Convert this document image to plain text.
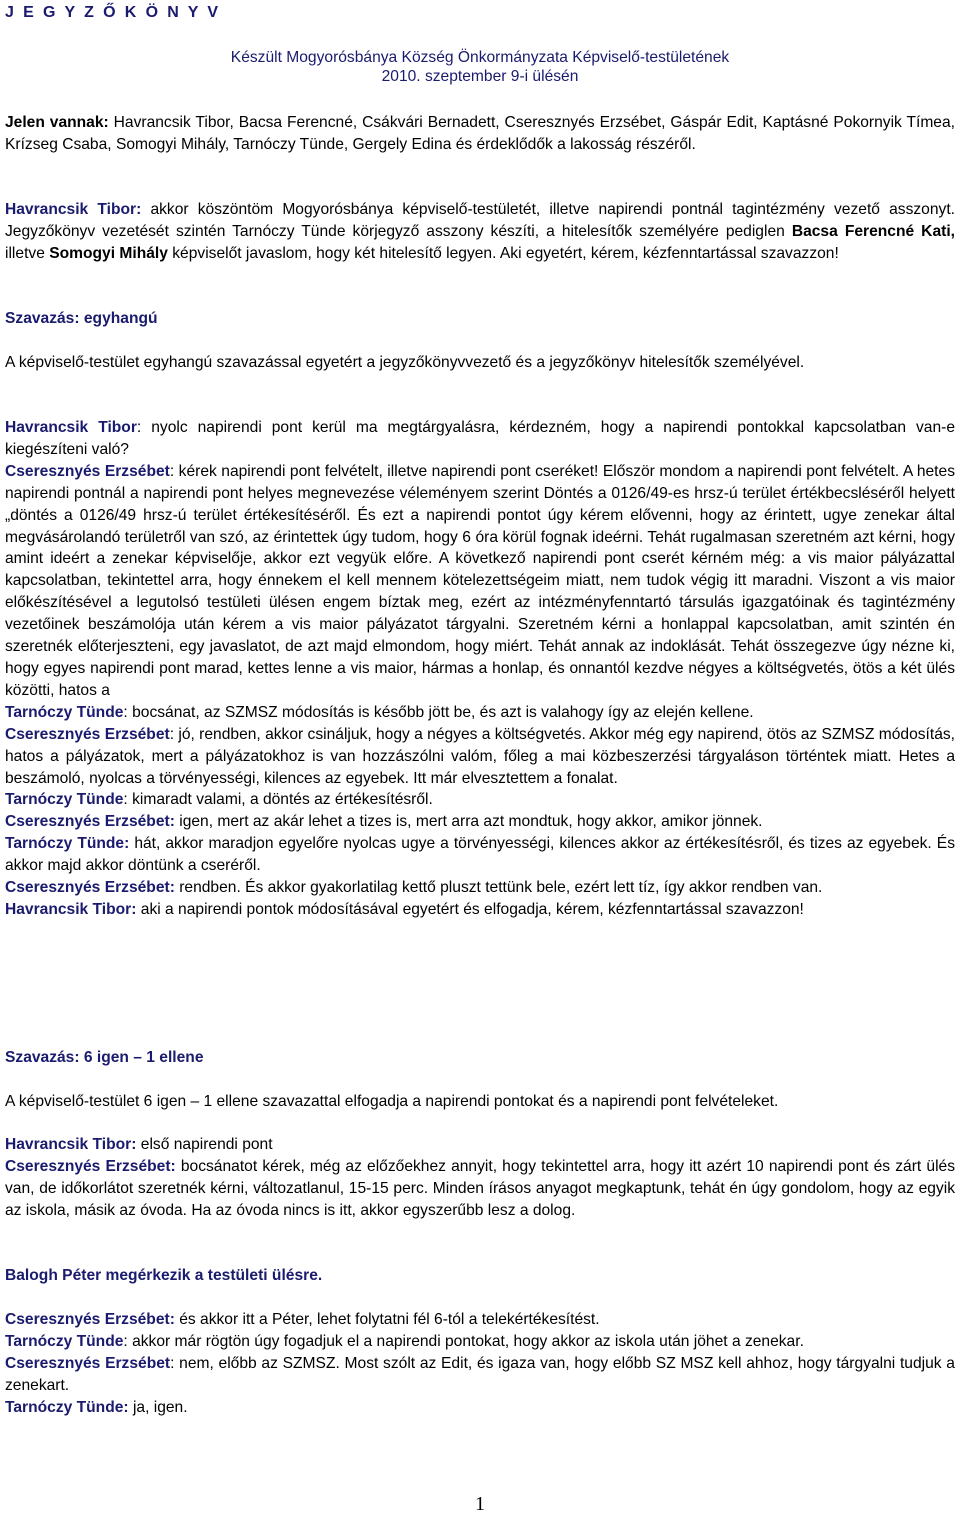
J E G Y Z Ő K Ö N Y V
Készült Mogyorósbánya Község Önkormányzata Képviselő-testületének
2010. szeptember 9-i ülésén

Jelen vannak: Havrancsik Tibor, Bacsa Ferencné, Csákvári Bernadett, Cseresznyés Erzsébet, Gáspár Edit, Kaptásné Pokornyik Tímea, Krízseg Csaba, Somogyi Mihály, Tarnóczy Tünde, Gergely Edina és érdeklődők a lakosság részéről.

Havrancsik Tibor: akkor köszöntöm Mogyorósbánya képviselő-testületét, illetve napirendi pontnál tagintézmény vezető asszonyt. Jegyzőkönyv vezetését szintén Tarnóczy Tünde körjegyző asszony készíti, a hitelesítők személyére pediglen Bacsa Ferencné Kati, illetve Somogyi Mihály képviselőt javaslom, hogy két hitelesítő legyen. Aki egyetért, kérem, kézfenntartással szavazzon!

Szavazás: egyhangú

A képviselő-testület egyhangú szavazással egyetért a jegyzőkönyvvezető és a jegyzőkönyv hitelesítők személyével.

Havrancsik Tibor: nyolc napirendi pont kerül ma megtárgyalásra, kérdezném, hogy a napirendi pontokkal kapcsolatban van-e kiegészíteni való?

Cseresznyés Erzsébet: kérek napirendi pont felvételt, illetve napirendi pont cseréket! Először mondom a napirendi pont felvételt. A hetes napirendi pontnál a napirendi pont helyes megnevezése véleményem szerint Döntés a 0126/49-es hrsz-ú terület értékbecsléséről helyett „döntés a 0126/49 hrsz-ú terület értékesítéséről. És ezt a napirendi pontot úgy kérem elővenni, hogy az érintett, ugye zenekar által megvásárolandó területről van szó, az érintettek úgy tudom, hogy 6 óra körül fognak ideérni. Tehát rugalmasan szeretném azt kérni, hogy amint ideért a zenekar képviselője, akkor ezt vegyük előre. A következő napirendi pont cserét kérném még: a vis maior pályázattal kapcsolatban, tekintettel arra, hogy énnekem el kell mennem kötelezettségeim miatt, nem tudok végig itt maradni. Viszont a vis maior előkészítésével a legutolsó testületi ülésen engem bíztak meg, ezért az intézményfenntartó társulás igazgatóinak és tagintézmény vezetőinek beszámolója után kérem a vis maior pályázatot tárgyalni. Szeretném kérni a honlappal kapcsolatban, amit szintén én szeretnék előterjeszteni, egy javaslatot, de azt majd elmondom, hogy miért. Tehát annak az indoklását. Tehát összegezve úgy nézne ki, hogy egyes napirendi pont marad, kettes lenne a vis maior, hármas a honlap, és onnantól kezdve négyes a költségvetés, ötös a két ülés közötti, hatos a

Tarnóczy Tünde: bocsánat, az SZMSZ módosítás is később jött be, és azt is valahogy így az elején kellene.

Cseresznyés Erzsébet: jó, rendben, akkor csináljuk, hogy a négyes a költségvetés. Akkor még egy napirend, ötös az SZMSZ módosítás, hatos a pályázatok, mert a pályázatokhoz is van hozzászólni valóm, főleg a mai közbeszerzési tárgyaláson történtek miatt. Hetes a beszámoló, nyolcas a törvényességi, kilences az egyebek. Itt már elvesztettem a fonalat.

Tarnóczy Tünde: kimaradt valami, a döntés az értékesítésről.

Cseresznyés Erzsébet: igen, mert az akár lehet a tizes is, mert arra azt mondtuk, hogy akkor, amikor jönnek.

Tarnóczy Tünde: hát, akkor maradjon egyelőre nyolcas ugye a törvényességi, kilences akkor az értékesítésről, és tizes az egyebek. És akkor majd akkor döntünk a cseréről.

Cseresznyés Erzsébet: rendben. És akkor gyakorlatilag kettő pluszt tettünk bele, ezért lett tíz, így akkor rendben van.

Havrancsik Tibor: aki a napirendi pontok módosításával egyetért és elfogadja, kérem, kézfenntartással szavazzon!

Szavazás: 6 igen – 1 ellene

A képviselő-testület 6 igen – 1 ellene szavazattal elfogadja a napirendi pontokat és a napirendi pont felvételeket.

Havrancsik Tibor: első napirendi pont

Cseresznyés Erzsébet: bocsánatot kérek, még az előzőekhez annyit, hogy tekintettel arra, hogy itt azért 10 napirendi pont és zárt ülés van, de időkorlátot szeretnék kérni, változatlanul, 15-15 perc. Minden írásos anyagot megkaptunk, tehát én úgy gondolom, hogy az egyik az iskola, másik az óvoda. Ha az óvoda nincs is itt, akkor egyszerűbb lesz a dolog.

Balogh Péter megérkezik a testületi ülésre.

Cseresznyés Erzsébet: és akkor itt a Péter, lehet folytatni fél 6-tól a telekértékesítést.

Tarnóczy Tünde: akkor már rögtön úgy fogadjuk el a napirendi pontokat, hogy akkor az iskola után jöhet a zenekar.

Cseresznyés Erzsébet: nem, előbb az SZMSZ. Most szólt az Edit, és igaza van, hogy előbb SZ MSZ kell ahhoz, hogy tárgyalni tudjuk a zenekart.

Tarnóczy Tünde: ja, igen.

1
